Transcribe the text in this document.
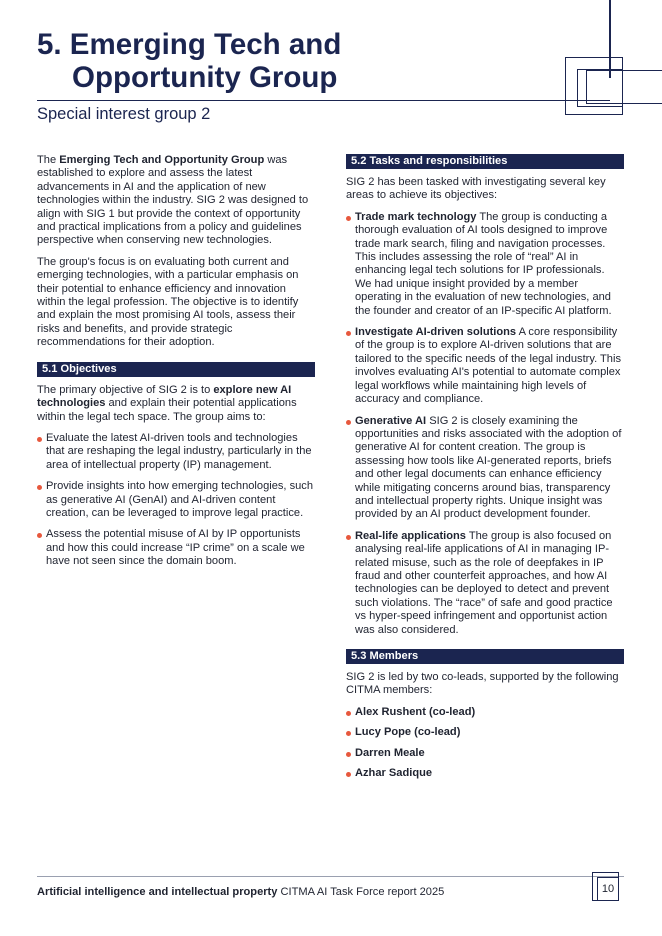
5. Emerging Tech and
Opportunity Group
Special interest group 2

The Emerging Tech and Opportunity Group was established to explore and assess the latest advancements in AI and the application of new technologies within the industry. SIG 2 was designed to align with SIG 1 but provide the context of opportunity and practical implications from a policy and guidelines perspective when conserving new technologies.

The group's focus is on evaluating both current and emerging technologies, with a particular emphasis on their potential to enhance efficiency and innovation within the legal profession. The objective is to identify and explain the most promising AI tools, assess their risks and benefits, and provide strategic recommendations for their adoption.

5.1 Objectives

The primary objective of SIG 2 is to explore new AI technologies and explain their potential applications within the legal tech space. The group aims to:

Evaluate the latest AI-driven tools and technologies that are reshaping the legal industry, particularly in the area of intellectual property (IP) management.
Provide insights into how emerging technologies, such as generative AI (GenAI) and AI-driven content creation, can be leveraged to improve legal practice.
Assess the potential misuse of AI by IP opportunists and how this could increase “IP crime” on a scale we have not seen since the domain boom.
5.2 Tasks and responsibilities

SIG 2 has been tasked with investigating several key areas to achieve its objectives:

Trade mark technology The group is conducting a thorough evaluation of AI tools designed to improve trade mark search, filing and navigation processes. This includes assessing the role of “real” AI in enhancing legal tech solutions for IP professionals. We had unique insight provided by a member operating in the evaluation of new technologies, and the founder and creator of an IP-specific AI platform.
Investigate AI-driven solutions A core responsibility of the group is to explore AI-driven solutions that are tailored to the specific needs of the legal industry. This involves evaluating AI's potential to automate complex legal workflows while maintaining high levels of accuracy and compliance.
Generative AI SIG 2 is closely examining the opportunities and risks associated with the adoption of generative AI for content creation. The group is assessing how tools like AI-generated reports, briefs and other legal documents can enhance efficiency while mitigating concerns around bias, transparency and intellectual property rights. Unique insight was provided by an AI product development founder.
Real-life applications The group is also focused on analysing real-life applications of AI in managing IP-related misuse, such as the role of deepfakes in IP fraud and other counterfeit approaches, and how AI technologies can be deployed to detect and prevent such violations. The “race” of safe and good practice vs hyper-speed infringement and opportunist action was also considered.
5.3 Members

SIG 2 is led by two co-leads, supported by the following CITMA members:

Alex Rushent (co-lead)
Lucy Pope (co-lead)
Darren Meale
Azhar Sadique
Artificial intelligence and intellectual property CITMA AI Task Force report 2025	10
